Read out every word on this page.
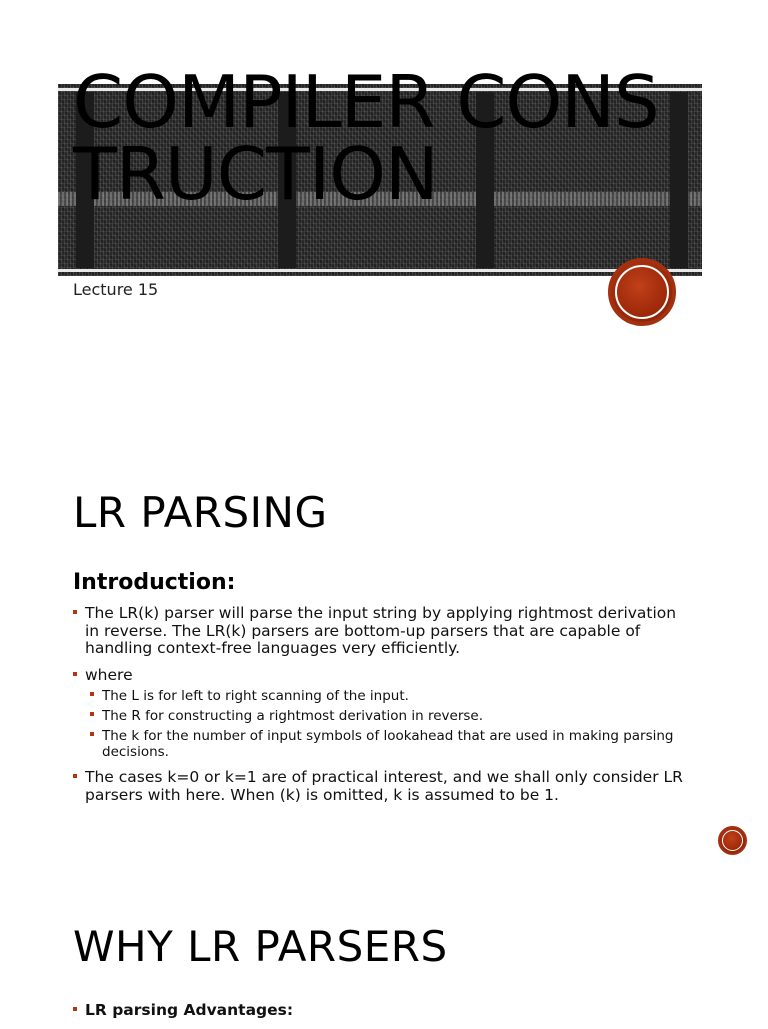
COMPILER CONSTRUCTION

Lecture 15

LR PARSING
Introduction:
The LR(k) parser will parse the input string by applying rightmost derivation in reverse. The LR(k) parsers are bottom-up parsers that are capable of handling context-free languages very efficiently.
where
The L is for left to right scanning of the input.
The R for constructing a rightmost derivation in reverse.
The k for the number of input symbols of lookahead that are used in making parsing decisions.
The cases k=0 or k=1 are of practical interest, and we shall only consider LR parsers with here. When (k) is omitted, k is assumed to be 1.
WHY LR PARSERS
LR parsing Advantages:
